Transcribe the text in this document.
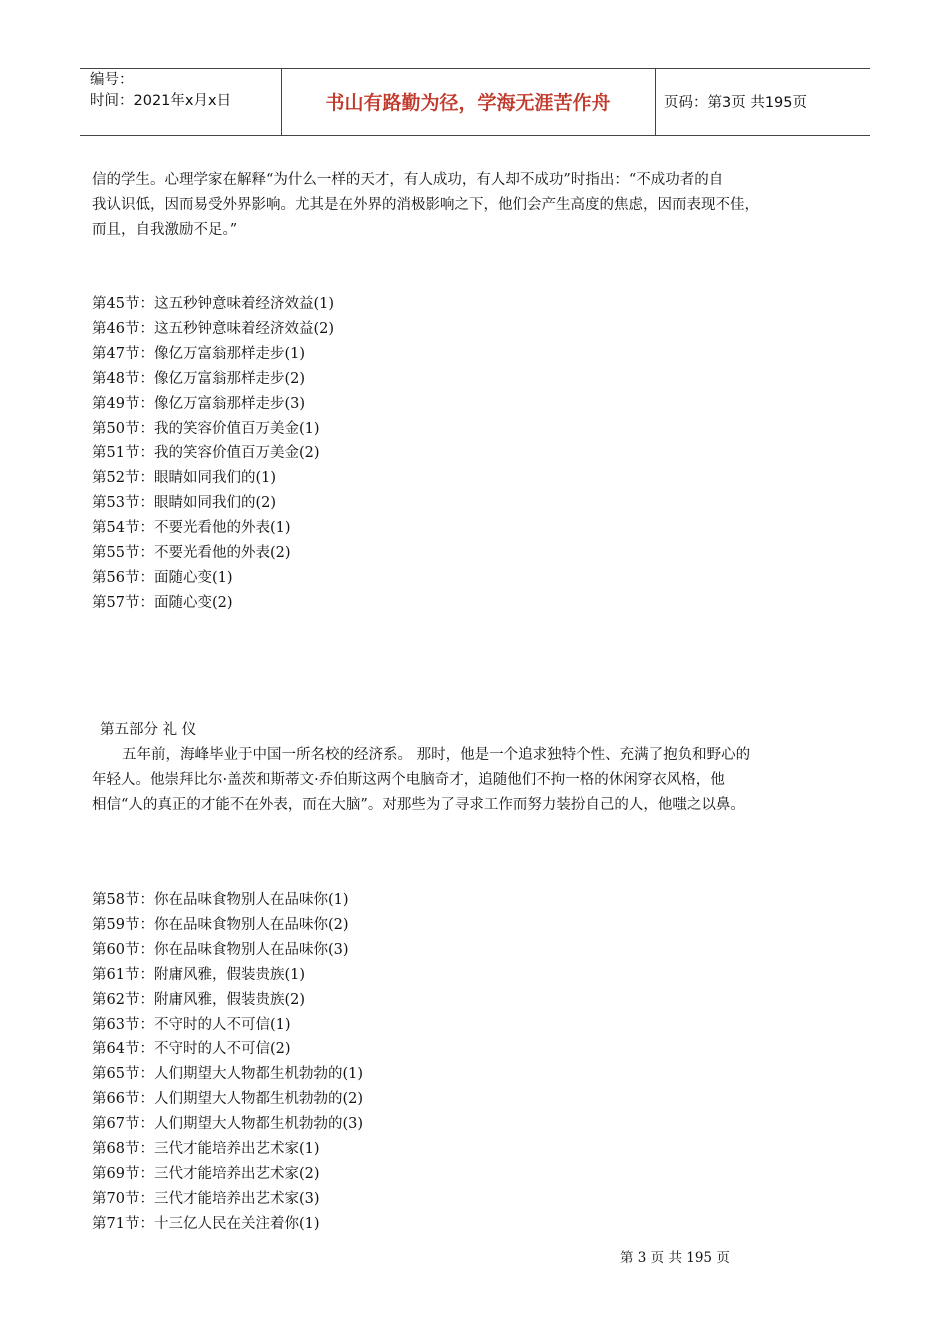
编号：
时间：2021年x月x日	书山有路勤为径，学海无涯苦作舟	页码：第3页 共195页
信的学生。心理学家在解释“为什么一样的天才，有人成功，有人却不成功”时指出：“不成功者的自
我认识低，因而易受外界影响。尤其是在外界的消极影响之下，他们会产生高度的焦虑，因而表现不佳，
而且，自我激励不足。”
第45节：这五秒钟意味着经济效益(1)
第46节：这五秒钟意味着经济效益(2)
第47节：像亿万富翁那样走步(1)
第48节：像亿万富翁那样走步(2)
第49节：像亿万富翁那样走步(3)
第50节：我的笑容价值百万美金(1)
第51节：我的笑容价值百万美金(2)
第52节：眼睛如同我们的(1)
第53节：眼睛如同我们的(2)
第54节：不要光看他的外表(1)
第55节：不要光看他的外表(2)
第56节：面随心变(1)
第57节：面随心变(2)
第五部分 礼 仪
五年前，海峰毕业于中国一所名校的经济系。 那时，他是一个追求独特个性、充满了抱负和野心的
年轻人。他崇拜比尔·盖茨和斯蒂文·乔伯斯这两个电脑奇才，追随他们不拘一格的休闲穿衣风格，他
相信“人的真正的才能不在外表，而在大脑”。对那些为了寻求工作而努力装扮自己的人，他嗤之以鼻。
第58节：你在品味食物别人在品味你(1)
第59节：你在品味食物别人在品味你(2)
第60节：你在品味食物别人在品味你(3)
第61节：附庸风雅，假装贵族(1)
第62节：附庸风雅，假装贵族(2)
第63节：不守时的人不可信(1)
第64节：不守时的人不可信(2)
第65节：人们期望大人物都生机勃勃的(1)
第66节：人们期望大人物都生机勃勃的(2)
第67节：人们期望大人物都生机勃勃的(3)
第68节：三代才能培养出艺术家(1)
第69节：三代才能培养出艺术家(2)
第70节：三代才能培养出艺术家(3)
第71节：十三亿人民在关注着你(1)
第 3 页 共 195 页
